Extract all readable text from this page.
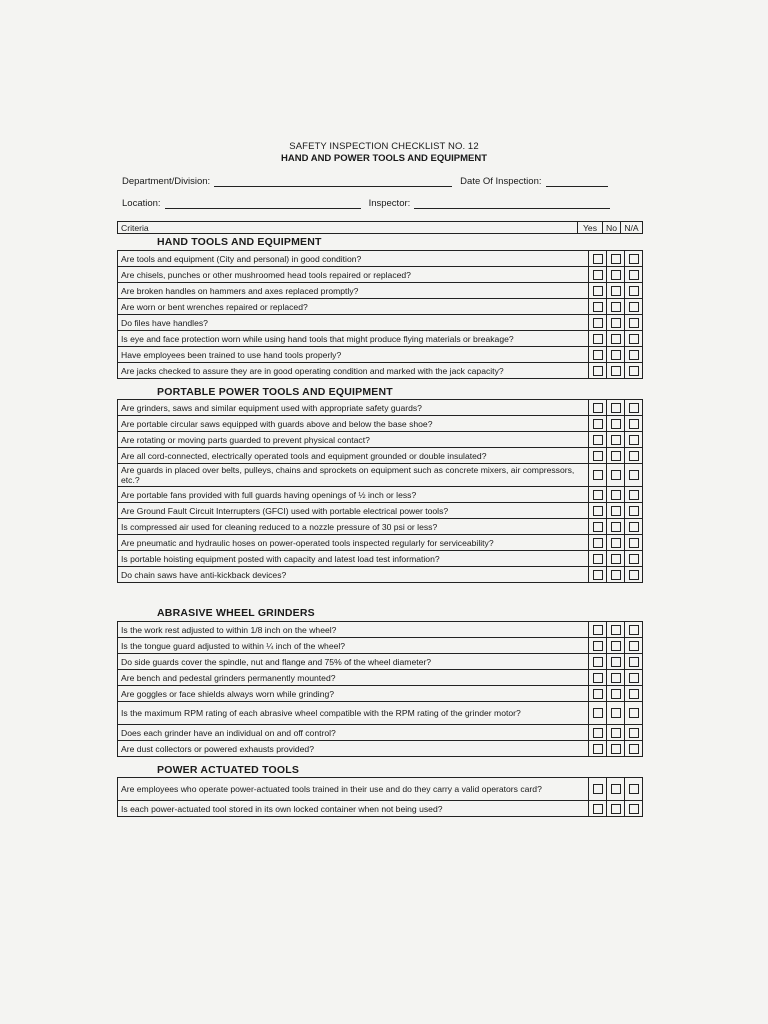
SAFETY INSPECTION CHECKLIST NO. 12
HAND AND POWER TOOLS AND EQUIPMENT
Department/Division:	Date Of Inspection:
Location:	Inspector:
Criteria	Yes	No	N/A
HAND TOOLS AND EQUIPMENT
Are tools and equipment (City and personal) in good condition?			
Are chisels, punches or other mushroomed head tools repaired or replaced?			
Are broken handles on hammers and axes replaced promptly?			
Are worn or bent wrenches repaired or replaced?			
Do files have handles?			
Is eye and face protection worn while using hand tools that might produce flying materials or breakage?			
Have employees been trained to use hand tools properly?			
Are jacks checked to assure they are in good operating condition and marked with the jack capacity?			
PORTABLE POWER TOOLS AND EQUIPMENT
Are grinders, saws and similar equipment used with appropriate safety guards?			
Are portable circular saws equipped with guards above and below the base shoe?			
Are rotating or moving parts guarded to prevent physical contact?			
Are all cord-connected, electrically operated tools and equipment grounded or double insulated?			
Are guards in placed over belts, pulleys, chains and sprockets on equipment such as concrete mixers, air compressors, etc.?			
Are portable fans provided with full guards having openings of ½ inch or less?			
Are Ground Fault Circuit Interrupters (GFCI) used with portable electrical power tools?			
Is compressed air used for cleaning reduced to a nozzle pressure of 30 psi or less?			
Are pneumatic and hydraulic hoses on power-operated tools inspected regularly for serviceability?			
Is portable hoisting equipment posted with capacity and latest load test information?			
Do chain saws have anti-kickback devices?			
ABRASIVE WHEEL GRINDERS
Is the work rest adjusted to within 1/8 inch on the wheel?			
Is the tongue guard adjusted to within ¼ inch of the wheel?			
Do side guards cover the spindle, nut and flange and 75% of the wheel diameter?			
Are bench and pedestal grinders permanently mounted?			
Are goggles or face shields always worn while grinding?			
Is the maximum RPM rating of each abrasive wheel compatible with the RPM rating of the grinder motor?			
Does each grinder have an individual on and off control?			
Are dust collectors or powered exhausts provided?			
POWER ACTUATED TOOLS
Are employees who operate power-actuated tools trained in their use and do they carry a valid operators card?			
Is each power-actuated tool stored in its own locked container when not being used?			
